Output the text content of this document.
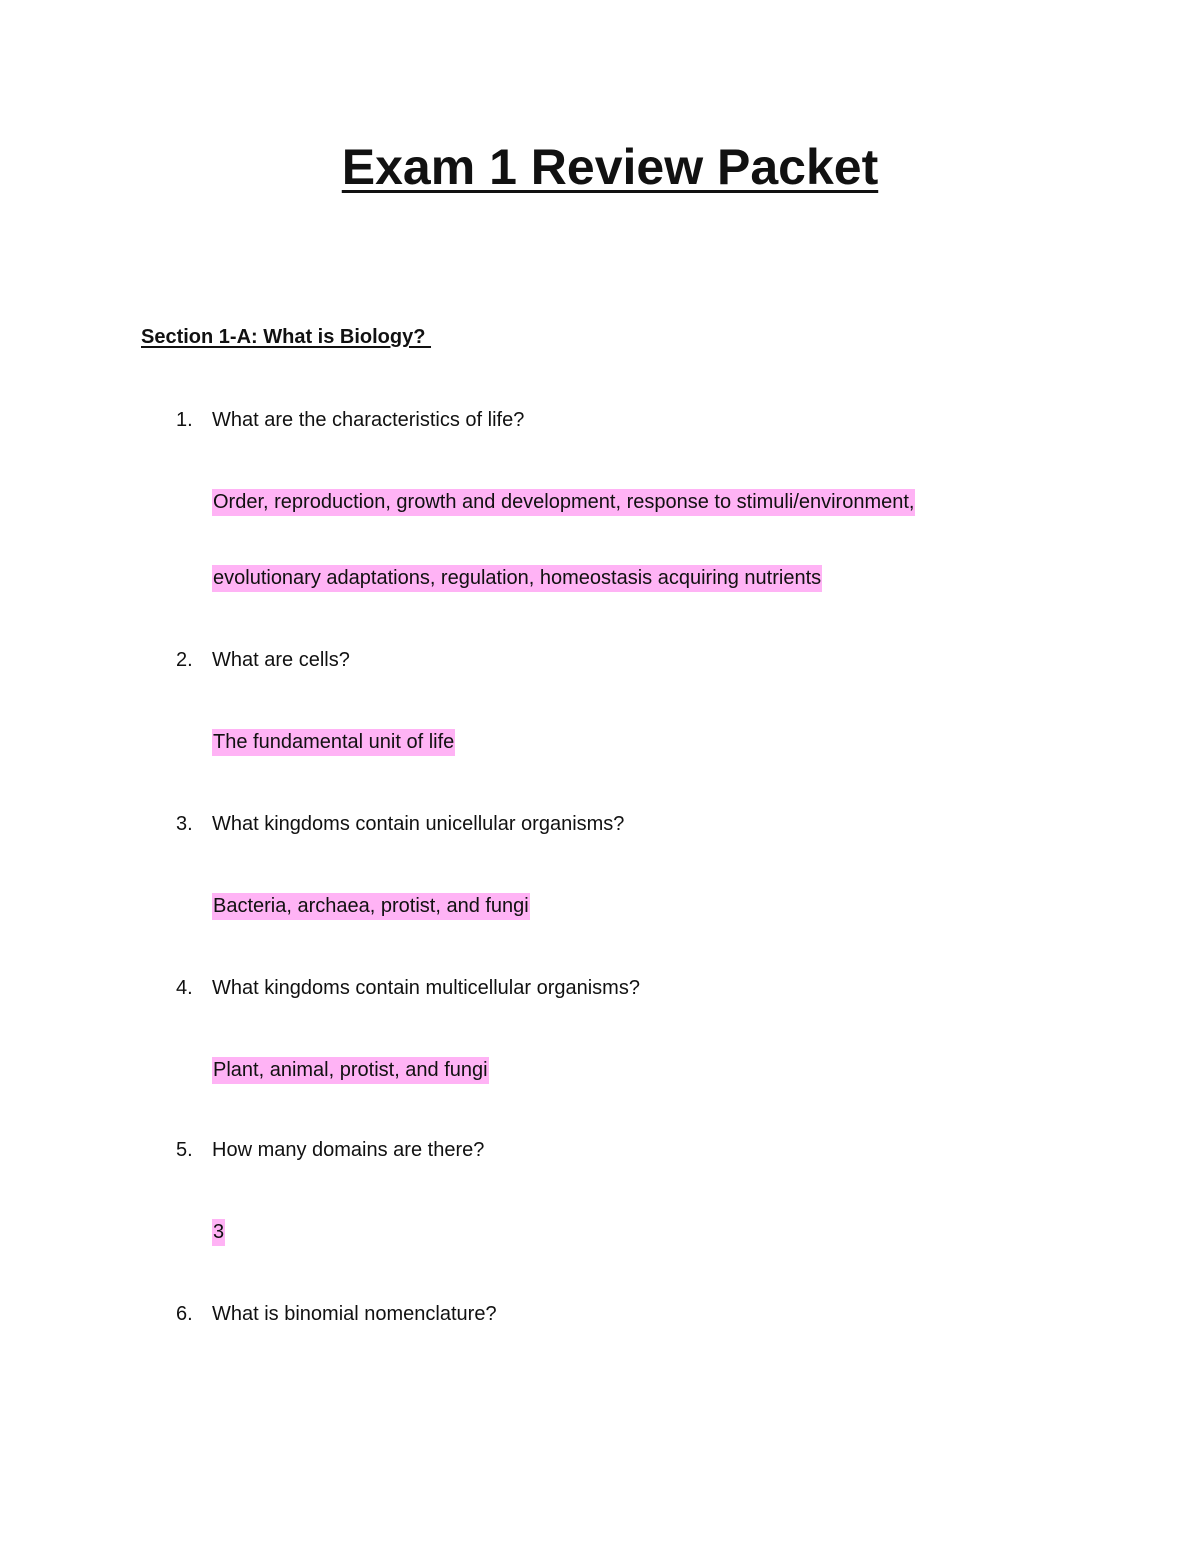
Exam 1 Review Packet
Section 1-A: What is Biology?
1. What are the characteristics of life?
Order, reproduction, growth and development, response to stimuli/environment,
evolutionary adaptations, regulation, homeostasis acquiring nutrients
2. What are cells?
The fundamental unit of life
3. What kingdoms contain unicellular organisms?
Bacteria, archaea, protist, and fungi
4. What kingdoms contain multicellular organisms?
Plant, animal, protist, and fungi
5. How many domains are there?
3
6. What is binomial nomenclature?
